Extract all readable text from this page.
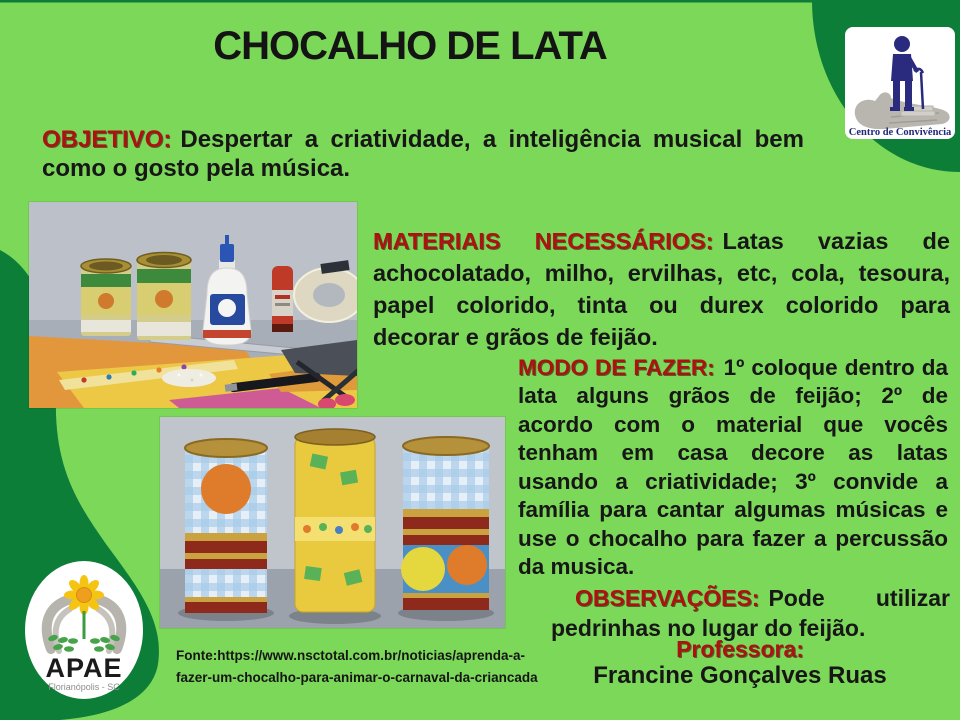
CHOCALHO DE LATA

OBJETIVO: Despertar a criatividade, a inteligência musical bem como o gosto pela música.

MATERIAIS NECESSÁRIOS: Latas vazias de achocolatado, milho, ervilhas, etc, cola, tesoura, papel colorido, tinta ou durex colorido para decorar e grãos de feijão.

MODO DE FAZER: 1º coloque dentro da lata alguns grãos de feijão; 2º de acordo com o material que vocês tenham em casa decore as latas usando a criatividade; 3º convide a família para cantar algumas músicas e use o chocalho para fazer a percussão da musica.

OBSERVAÇÕES: Pode utilizar pedrinhas no lugar do feijão.

Fonte:https://www.nsctotal.com.br/noticias/aprenda-a-
fazer-um-chocalho-para-animar-o-carnaval-da-criancada
Professora:
Francine Gonçalves Ruas
APAE
Florianópolis - SC
Centro de Convivência
